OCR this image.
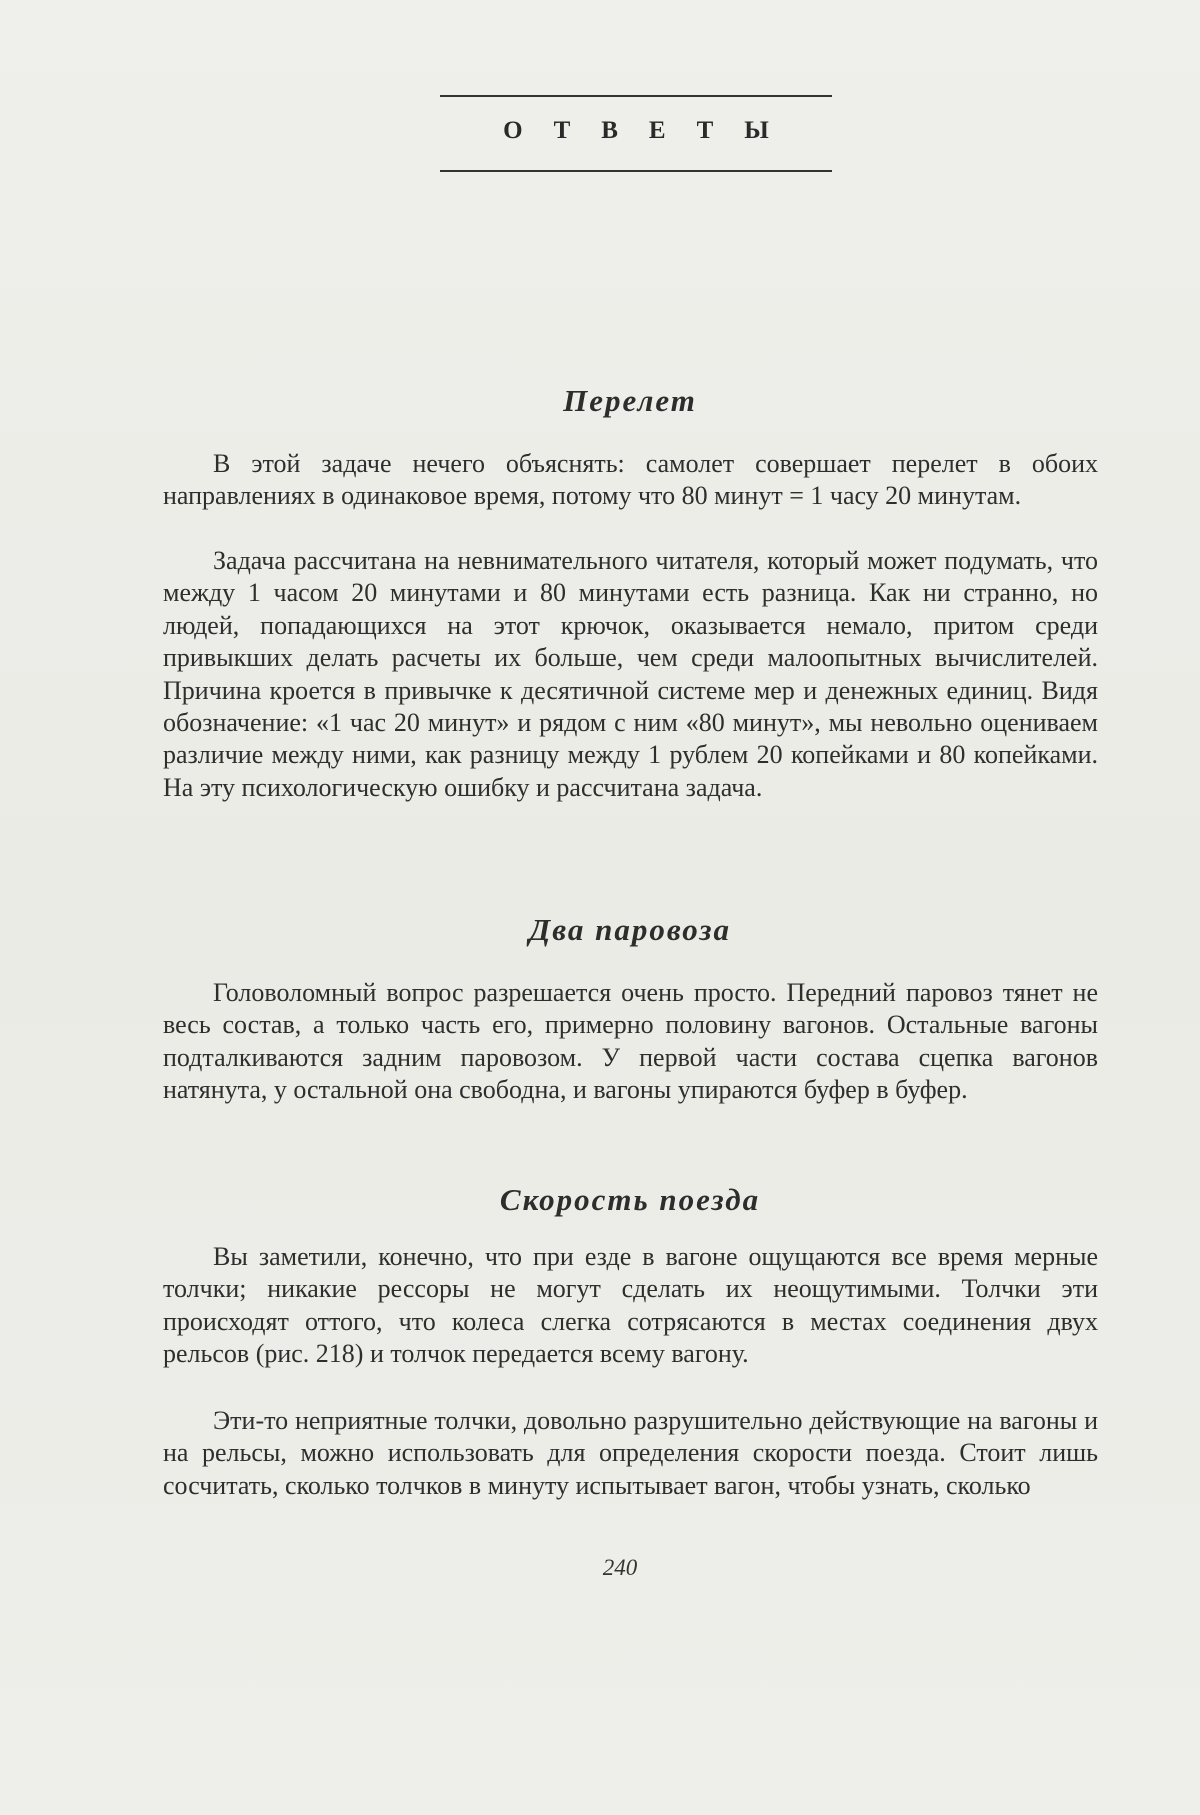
ОТВЕТЫ
Перелет
В этой задаче нечего объяснять: самолет совершает перелет в обоих направлениях в одинаковое время, потому что 80 минут = 1 часу 20 минутам.
Задача рассчитана на невнимательного читателя, который может подумать, что между 1 часом 20 минутами и 80 минутами есть разница. Как ни странно, но людей, попадающихся на этот крючок, оказывается немало, притом среди привыкших делать расчеты их больше, чем среди малоопытных вычислителей. Причина кроется в привычке к десятичной системе мер и денежных единиц. Видя обозначение: «1 час 20 минут» и рядом с ним «80 минут», мы невольно оцениваем различие между ними, как разницу между 1 рублем 20 копейками и 80 копейками. На эту психологическую ошибку и рассчитана задача.
Два паровоза
Головоломный вопрос разрешается очень просто. Передний паровоз тянет не весь состав, а только часть его, примерно половину вагонов. Остальные вагоны подталкиваются задним паровозом. У первой части состава сцепка вагонов натянута, у остальной она свободна, и вагоны упираются буфер в буфер.
Скорость поезда
Вы заметили, конечно, что при езде в вагоне ощущаются все время мерные толчки; никакие рессоры не могут сделать их неощутимыми. Толчки эти происходят оттого, что колеса слегка сотрясаются в местах соединения двух рельсов (рис. 218) и толчок передается всему вагону.
Эти-то неприятные толчки, довольно разрушительно действующие на вагоны и на рельсы, можно использовать для определения скорости поезда. Стоит лишь сосчитать, сколько толчков в минуту испытывает вагон, чтобы узнать, сколько
240
